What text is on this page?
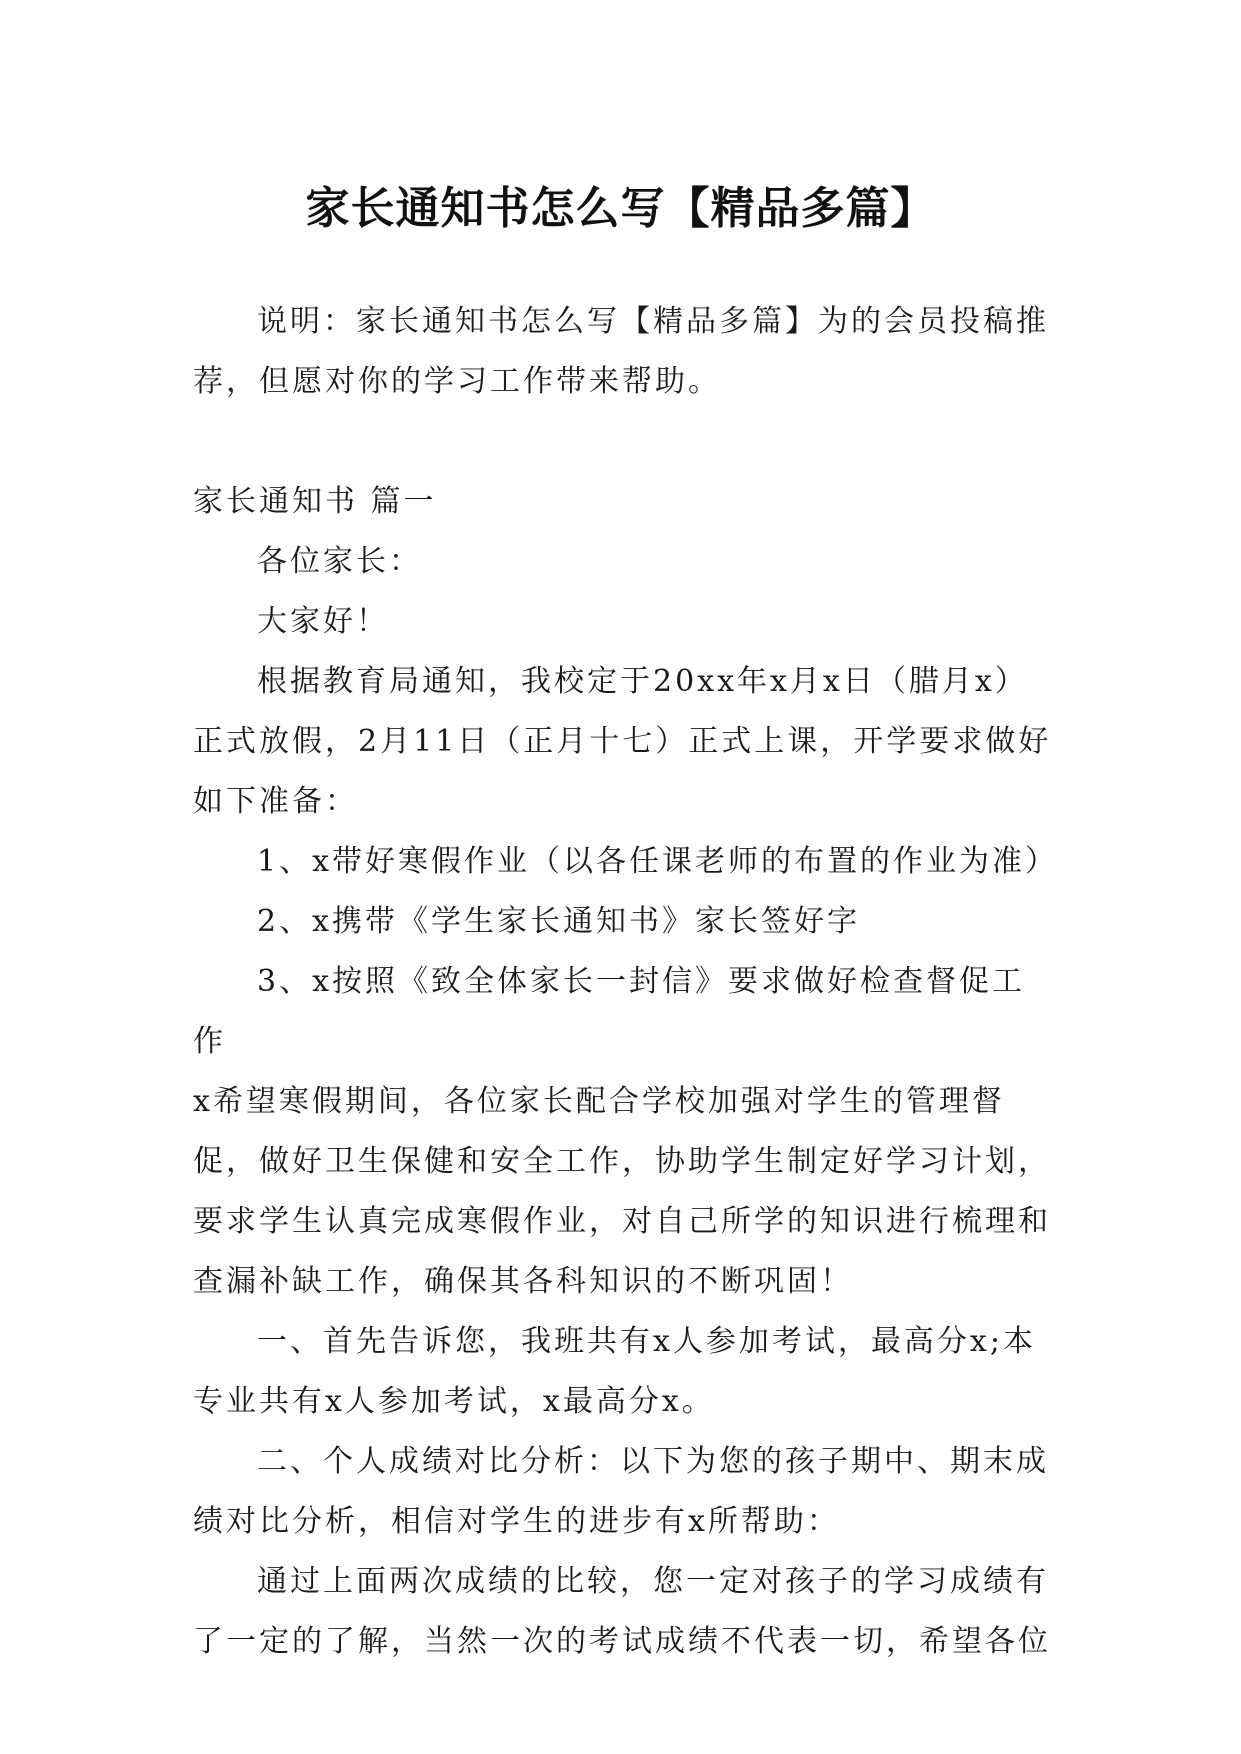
家长通知书怎么写【精品多篇】

说明：家长通知书怎么写【精品多篇】为的会员投稿推荐，但愿对你的学习工作带来帮助。

家长通知书 篇一

各位家长：

大家好！

根据教育局通知，我校定于20xx年x月x日（腊月x）正式放假，2月11日（正月十七）正式上课，开学要求做好如下准备：

1、x带好寒假作业（以各任课老师的布置的作业为准）

2、x携带《学生家长通知书》家长签好字

3、x按照《致全体家长一封信》要求做好检查督促工作

x希望寒假期间，各位家长配合学校加强对学生的管理督促，做好卫生保健和安全工作，协助学生制定好学习计划，要求学生认真完成寒假作业，对自己所学的知识进行梳理和查漏补缺工作，确保其各科知识的不断巩固！

一、首先告诉您，我班共有x人参加考试，最高分x;本专业共有x人参加考试，x最高分x。

二、个人成绩对比分析：以下为您的孩子期中、期末成绩对比分析，相信对学生的进步有x所帮助：

通过上面两次成绩的比较，您一定对孩子的学习成绩有了一定的了解，当然一次的考试成绩不代表一切，希望各位
